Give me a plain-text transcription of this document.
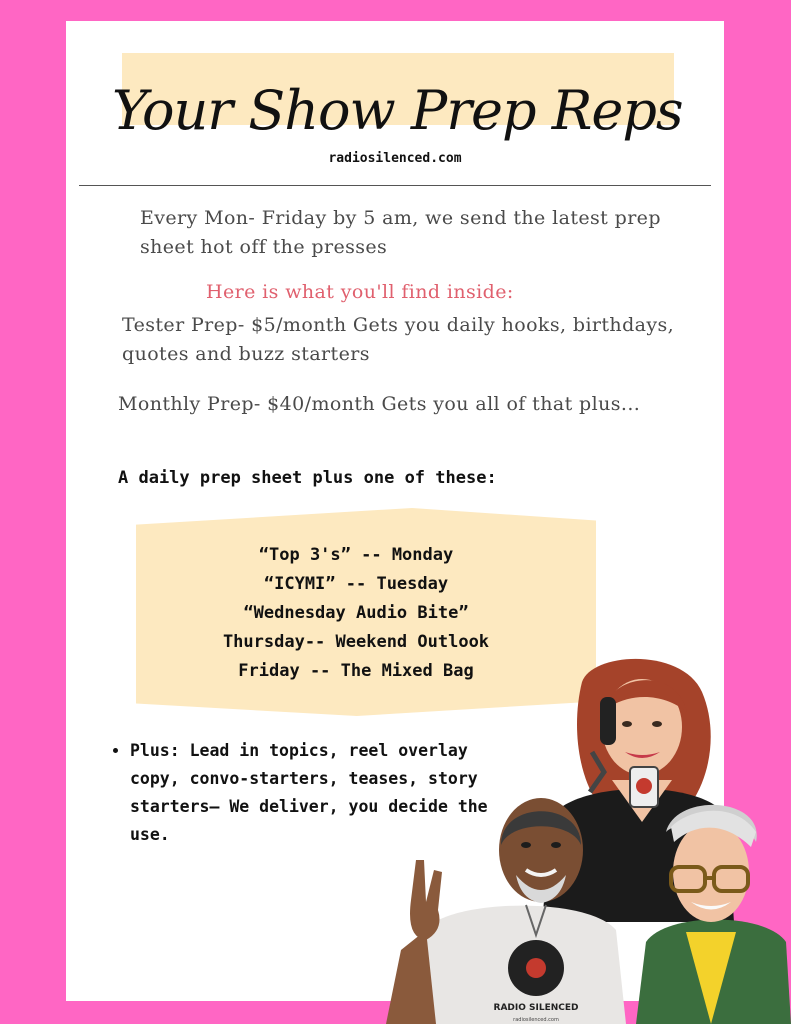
Your Show Prep Reps
radiosilenced.com
Every Mon- Friday by 5 am, we send the latest prep sheet hot off the presses
Here is what you'll find inside:
Tester Prep- $5/month Gets you daily hooks, birthdays, quotes and buzz starters
Monthly Prep- $40/month Gets you all of that plus...
A daily prep sheet plus one of these:
“Top 3's” -- Monday
“ICYMI” -- Tuesday
“Wednesday Audio Bite”
Thursday-- Weekend Outlook
Friday -- The Mixed Bag
• Plus: Lead in topics, reel overlay copy, convo-starters, teases, story starters— We deliver, you decide the use.
RADIO SILENCED
radiosilenced.com
